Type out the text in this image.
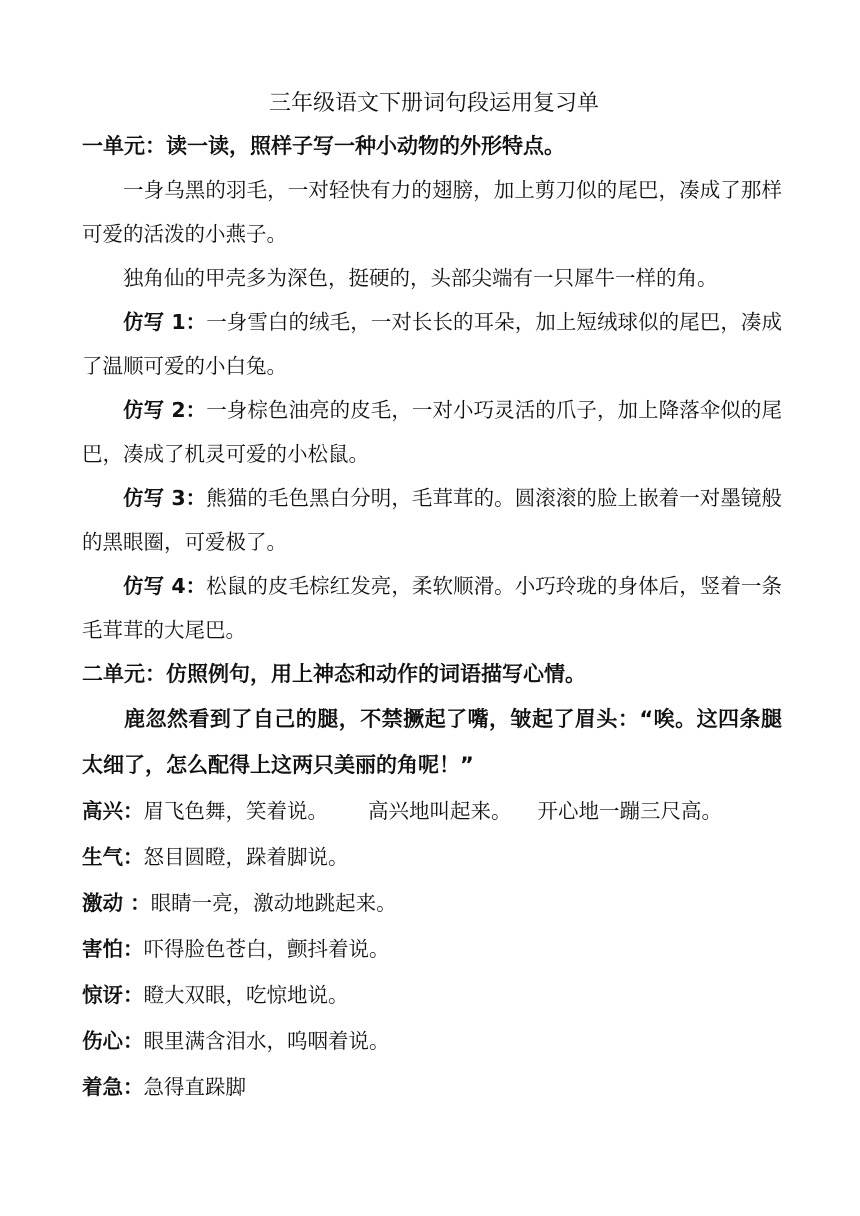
三年级语文下册词句段运用复习单

一单元：读一读，照样子写一种小动物的外形特点。

一身乌黑的羽毛，一对轻快有力的翅膀，加上剪刀似的尾巴，凑成了那样可爱的活泼的小燕子。

独角仙的甲壳多为深色，挺硬的，头部尖端有一只犀牛一样的角。

仿写 1：一身雪白的绒毛，一对长长的耳朵，加上短绒球似的尾巴，凑成了温顺可爱的小白兔。

仿写 2：一身棕色油亮的皮毛，一对小巧灵活的爪子，加上降落伞似的尾巴，凑成了机灵可爱的小松鼠。

仿写 3：熊猫的毛色黑白分明，毛茸茸的。圆滚滚的脸上嵌着一对墨镜般的黑眼圈，可爱极了。

仿写 4：松鼠的皮毛棕红发亮，柔软顺滑。小巧玲珑的身体后，竖着一条毛茸茸的大尾巴。

二单元：仿照例句，用上神态和动作的词语描写心情。

鹿忽然看到了自己的腿，不禁撅起了嘴，皱起了眉头：“唉。这四条腿太细了，怎么配得上这两只美丽的角呢！”

高兴：眉飞色舞，笑着说。 高兴地叫起来。 开心地一蹦三尺高。

生气：怒目圆瞪，跺着脚说。

激动 ：眼睛一亮，激动地跳起来。

害怕：吓得脸色苍白，颤抖着说。

惊讶：瞪大双眼，吃惊地说。

伤心：眼里满含泪水，呜咽着说。

着急：急得直跺脚
